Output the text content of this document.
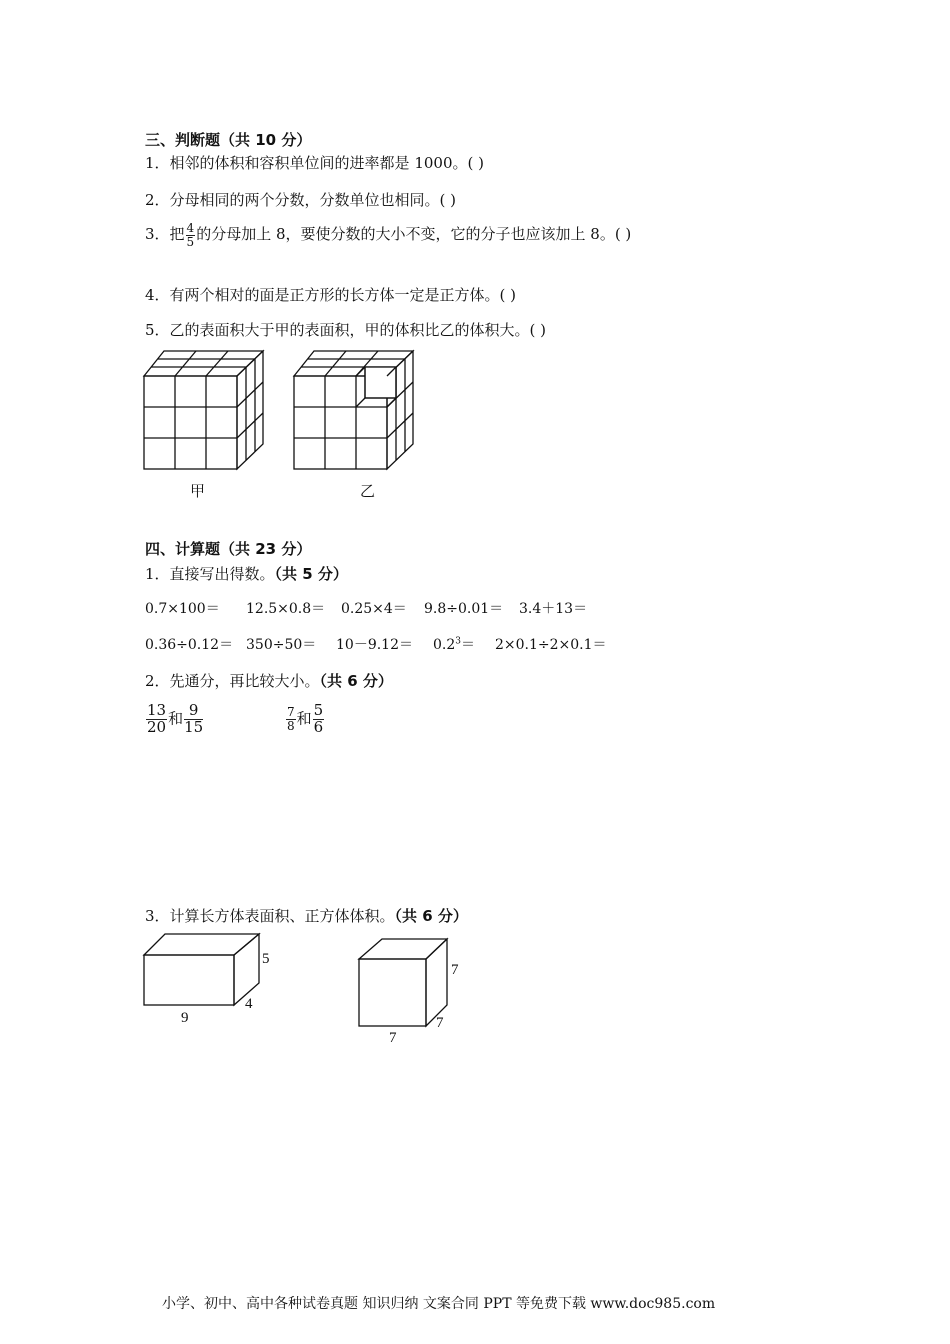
三、判断题（共 10 分）
1．相邻的体积和容积单位间的进率都是 1000。( )
2．分母相同的两个分数，分数单位也相同。( )
3．把 $\frac{4}{5}$ 的分母加上 8，要使分数的大小不变，它的分子也应该加上 8。( )
4．有两个相对的面是正方形的长方体一定是正方体。( )
5．乙的表面积大于甲的表面积，甲的体积比乙的体积大。( )
甲	乙
四、计算题（共 23 分）
1．直接写出得数。（共 5 分）
0.7×100＝ 12.5×0.8＝ 0.25×4＝ 9.8÷0.01＝ 3.4＋13＝
$0.36\div 0.12= 350\div 50= 10-9.12= 0.2^3= 2\times 0.1\div 2\times 0.1=$
2．先通分，再比较大小。（共 6 分）
$\frac{13}{20}$ 和 $\frac{9}{15}$	$\frac{7}{8}$ 和 $\frac{5}{6}$
3．计算长方体表面积、正方体体积。（共 6 分）
5
4
9
7
7
7
小学、初中、高中各种试卷真题 知识归纳 文案合同 PPT 等免费下载 www.doc985.com
